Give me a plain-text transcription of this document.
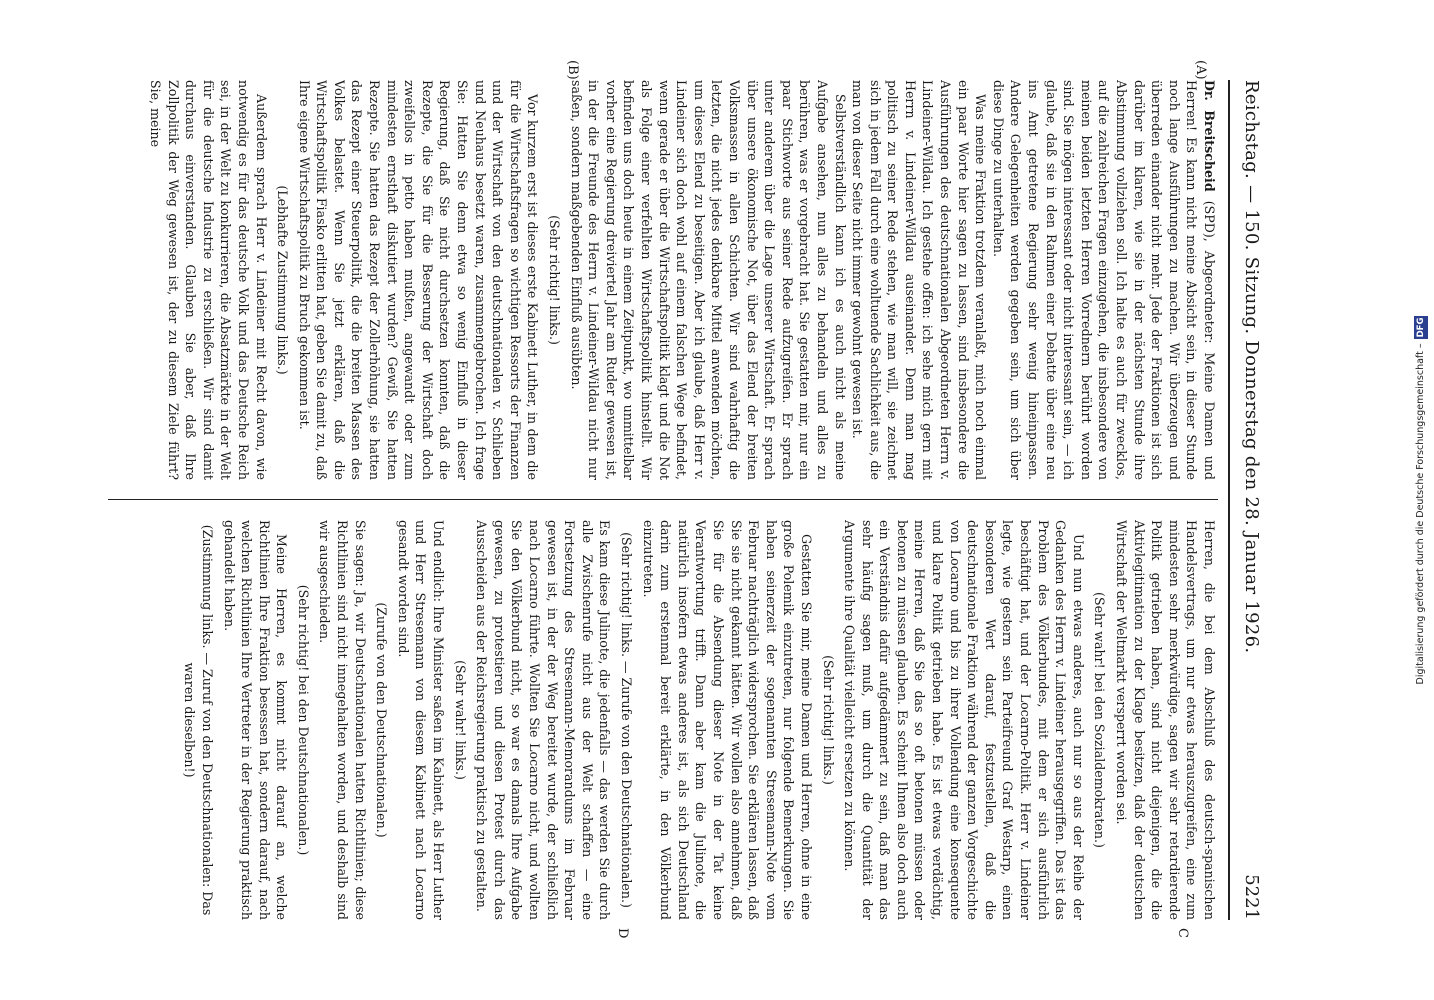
Reichstag. — 150. Sitzung. Donnerstag den 28. Januar 1926.
5221

Dr. Breitscheid (SPD), Abgeordneter: Meine Damen und Herren! Es kann nicht meine Absicht sein, in dieser Stunde noch lange Ausführungen zu machen. Wir überzeugen und überreden einander nicht mehr. Jede der Fraktionen ist sich darüber im klaren, wie sie in der nächsten Stunde ihre Abstimmung vollziehen soll. Ich halte es auch für zwecklos, auf die zahlreichen Fragen einzugehen, die insbesondere von meinen beiden letzten Herren Vorrednern berührt worden sind. Sie mögen interessant oder nicht interessant sein, — ich glaube, daß sie in den Rahmen einer Debatte über eine neu ins Amt getretene Regierung sehr wenig hineinpassen. Andere Gelegenheiten werden gegeben sein, um sich über diese Dinge zu unterhalten.

Was meine Fraktion trotzdem veranlaßt, mich noch einmal ein paar Worte hier sagen zu lassen, sind insbesondere die Ausführungen des deutschnationalen Abgeordneten Herrn v. Lindeiner-Wildau. Ich gestehe offen: ich sehe mich gern mit Herrn v. Lindeiner-Wildau auseinander. Denn man mag politisch zu seiner Rede stehen, wie man will, sie zeichnet sich in jedem Fall durch eine wohltuende Sachlichkeit aus, die man von dieser Seite nicht immer gewohnt gewesen ist.

Selbstverständlich kann ich es auch nicht als meine Aufgabe ansehen, nun alles zu behandeln und alles zu berühren, was er vorgebracht hat. Sie gestatten mir, nur ein paar Stichworte aus seiner Rede aufzugreifen. Er sprach unter anderem über die Lage unserer Wirtschaft. Er sprach über unsere ökonomische Not, über das Elend der breiten Volksmassen in allen Schichten. Wir sind wahrhaftig die letzten, die nicht jedes denkbare Mittel anwenden möchten, um dieses Elend zu beseitigen. Aber ich glaube, daß Herr v. Lindeiner sich doch wohl auf einem falschen Wege befindet, wenn gerade er über die Wirtschaftspolitik klagt und die Not als Folge einer verfehlten Wirtschaftspolitik hinstellt. Wir befinden uns doch heute in einem Zeitpunkt, wo unmittelbar vorher eine Regierung dreiviertel Jahr am Ruder gewesen ist, in der die Freunde des Herrn v. Lindeiner-Wildau nicht nur saßen, sondern maßgebenden Einfluß ausübten.

(Sehr richtig! links.)

Vor kurzem erst ist dieses erste Kabinett Luther, in dem die für die Wirtschaftsfragen so wichtigen Ressorts der Finanzen und der Wirtschaft von den deutschnationalen v. Schlieben und Neuhaus besetzt waren, zusammengebrochen. Ich frage Sie: Hatten Sie denn etwa so wenig Einfluß in dieser Regierung, daß Sie nicht durchsetzen konnten, daß die Rezepte, die Sie für die Besserung der Wirtschaft doch zweifellos in petto haben mußten, angewandt oder zum mindesten ernsthaft diskutiert wurden? Gewiß, Sie hatten Rezepte. Sie hatten das Rezept der Zollerhöhung, sie hatten das Rezept einer Steuerpolitik, die die breiten Massen des Volkes belastet. Wenn Sie jetzt erklären, daß die Wirtschaftspolitik Fiasko erlitten hat, geben Sie damit zu, daß Ihre eigene Wirtschaftspolitik zu Bruch gekommen ist.

(Lebhafte Zustimmung links.)

Außerdem sprach Herr v. Lindeiner mit Recht davon, wie notwendig es für das deutsche Volk und das Deutsche Reich sei, in der Welt zu konkurrieren, die Absatzmärkte in der Welt für die deutsche Industrie zu erschließen. Wir sind damit durchaus einverstanden. Glauben Sie aber, daß Ihre Zollpolitik der Weg gewesen ist, der zu diesem Ziele führt? Sie, meine

Herren, die bei dem Abschluß des deutsch-spanischen Handelsvertrags, um nur etwas herauszugreifen, eine zum mindesten sehr merkwürdige, sagen wir sehr retardierende Politik getrieben haben, sind nicht diejenigen, die die Aktivlegitimation zu der Klage besitzen, daß der deutschen Wirtschaft der Weltmarkt versperrt worden sei.

(Sehr wahr! bei den Sozialdemokraten.)

Und nun etwas anderes, auch nur so aus der Reihe der Gedanken des Herrn v. Lindeiner herausgegriffen. Das ist das Problem des Völkerbundes, mit dem er sich ausführlich beschäftigt hat, und der Locarno-Politik. Herr v. Lindeiner legte, wie gestern sein Parteifreund Graf Westarp, einen besonderen Wert darauf, festzustellen, daß die deutschnationale Fraktion während der ganzen Vorgeschichte von Locarno und bis zu ihrer Vollendung eine konsequente und klare Politik getrieben habe. Es ist etwas verdächtig, meine Herren, daß Sie das so oft betonen müssen oder betonen zu müssen glauben. Es scheint Ihnen also doch auch ein Verständnis dafür aufgedämmert zu sein, daß man das sehr häufig sagen muß, um durch die Quantität der Argumente ihre Qualität vielleicht ersetzen zu können.

(Sehr richtig! links.)

Gestatten Sie mir, meine Damen und Herren, ohne in eine große Polemik einzutreten, nur folgende Bemerkungen. Sie haben seinerzeit der sogenannten Stresemann-Note vom Februar nachträglich widersprochen. Sie erklären lassen, daß Sie sie nicht gekannt hätten. Wir wollen also annehmen, daß Sie für die Absendung dieser Note in der Tat keine Verantwortung trifft. Dann aber kam die Julinote, die natürlich insofern etwas anderes ist, als sich Deutschland darin zum erstenmal bereit erklärte, in den Völkerbund einzutreten.

(Sehr richtig! links. — Zurufe von den Deutschnationalen.)

Es kam diese Julinote, die jedenfalls — das werden Sie durch alle Zwischenrufe nicht aus der Welt schaffen — eine Fortsetzung des Stresemann-Memorandums im Februar gewesen ist, in der der Weg bereitet wurde, der schließlich nach Locarno führte. Wollten Sie Locarno nicht, und wollten Sie den Völkerbund nicht, so war es damals Ihre Aufgabe gewesen, zu protestieren und diesen Protest durch das Ausscheiden aus der Reichsregierung praktisch zu gestalten.

(Sehr wahr! links.)

Und endlich: Ihre Minister saßen im Kabinett, als Herr Luther und Herr Stresemann von diesem Kabinett nach Locarno gesandt worden sind.

(Zurufe von den Deutschnationalen.)

Sie sagen: Ja, wir Deutschnationalen hatten Richtlinien; diese Richtlinien sind nicht innegehalten worden, und deshalb sind wir ausgeschieden.

(Sehr richtig! bei den Deutschnationalen.)

Meine Herren, es kommt nicht darauf an, welche Richtlinien Ihre Fraktion besessen hat, sondern darauf, nach welchen Richtlinien Ihre Vertreter in der Regierung praktisch gehandelt haben.

(Zustimmung links. — Zuruf von den Deutschnationalen: Das waren dieselben!)

(A)
(B)
C
D
Digitalisierung gefördert durch die Deutsche Forschungsgemeinschaft –DFG
